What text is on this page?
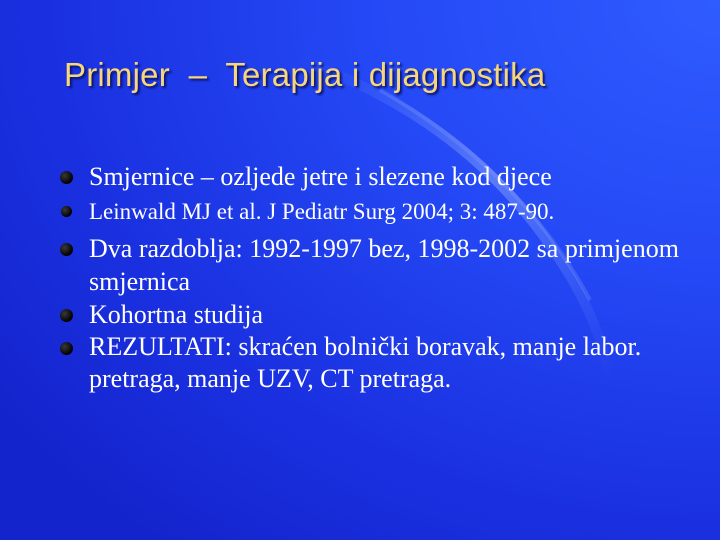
Primjer  –  Terapija i dijagnostika
Smjernice – ozljede jetre i slezene kod djece
Leinwald MJ et al. J Pediatr Surg 2004; 3: 487-90.
Dva razdoblja: 1992-1997 bez, 1998-2002 sa primjenom smjernica
Kohortna studija
REZULTATI: skraćen bolnički boravak, manje labor. pretraga, manje UZV, CT pretraga.
